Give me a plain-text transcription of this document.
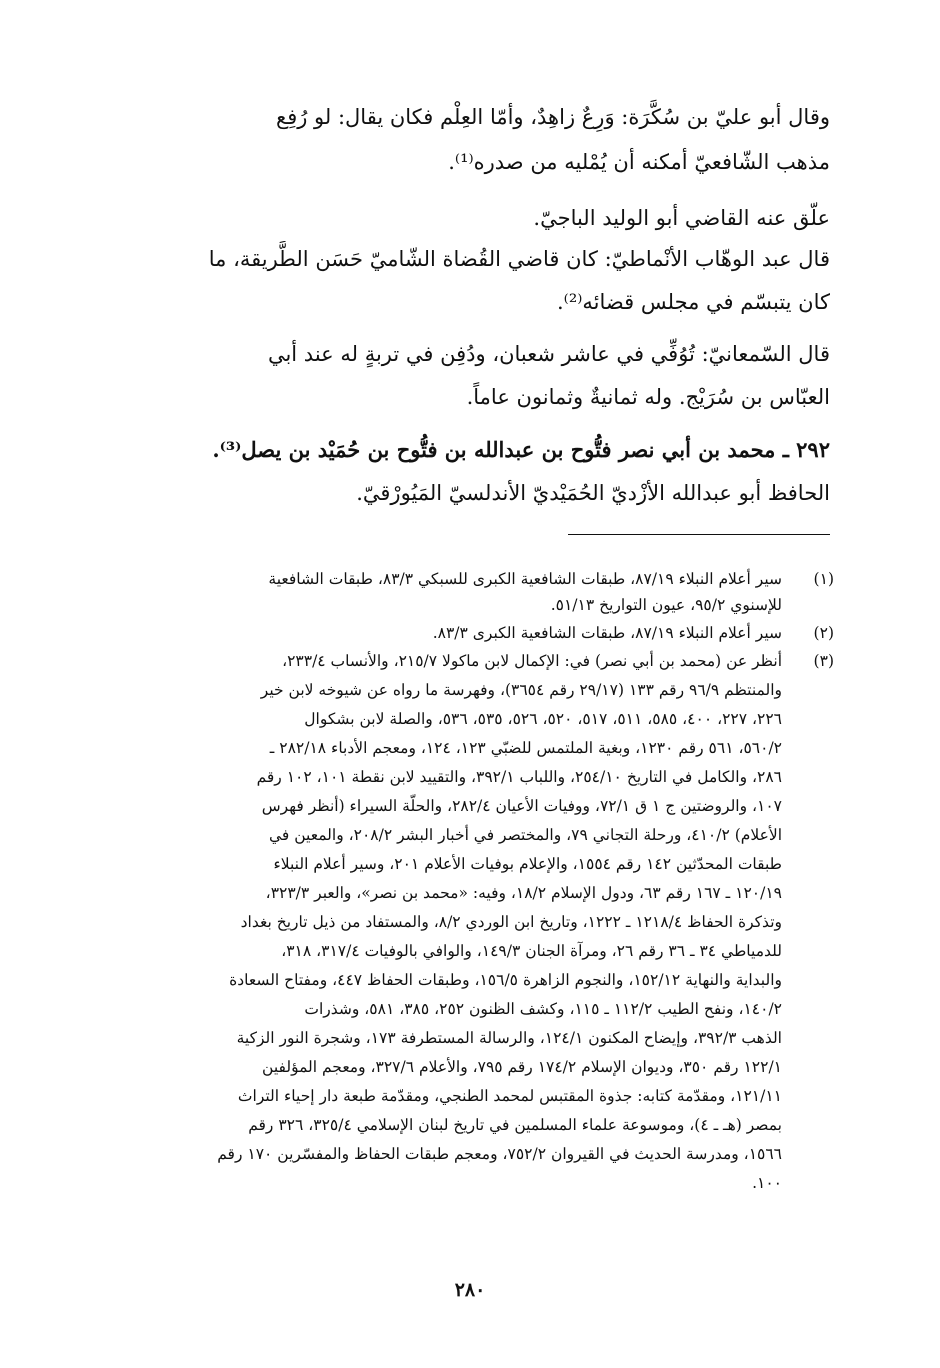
وقال أبو عليّ بن سُكَّرَة: وَرِعٌ زاهِدٌ، وأمّا العِلْم فكان يقال: لو رُفِع
مذهب الشّافعيّ أمكنه أن يُمْليه من صدره⁽¹⁾.
علّق عنه القاضي أبو الوليد الباجيّ.
قال عبد الوهّاب الأنْماطيّ: كان قاضي القُضاة الشّاميّ حَسَن الطَّريقة، ما
كان يتبسّم في مجلس قضائه⁽²⁾.
قال السّمعانيّ: تُوُفِّي في عاشر شعبان، ودُفِن في تربةٍ له عند أبي
العبّاس بن سُرَيْج. وله ثمانيةٌ وثمانون عاماً.
٢٩٢ ـ محمد بن أبي نصر فتُّوح بن عبدالله بن فتُّوح بن حُمَيْد بن يصل⁽³⁾.
الحافظ أبو عبدالله الأزْديّ الحُمَيْديّ الأندلسيّ المَيُورْقيّ.
(١)
سير أعلام النبلاء ٨٧/١٩، طبقات الشافعية الكبرى للسبكي ٨٣/٣، طبقات الشافعية
للإسنوي ٩٥/٢، عيون التواريخ ٥١/١٣.
(٢)
سير أعلام النبلاء ٨٧/١٩، طبقات الشافعية الكبرى ٨٣/٣.
(٣)
أنظر عن (محمد بن أبي نصر) في: الإكمال لابن ماكولا ٢١٥/٧، والأنساب ٢٣٣/٤،
والمنتظم ٩٦/٩ رقم ١٣٣ (٢٩/١٧ رقم ٣٦٥٤)، وفهرسة ما رواه عن شيوخه لابن خير
٢٢٦، ٢٢٧، ٤٠٠، ٥٨٥، ٥١١، ٥١٧، ٥٢٠، ٥٢٦، ٥٣٥، ٥٣٦، والصلة لابن بشكوال
٥٦٠/٢، ٥٦١ رقم ١٢٣٠، وبغية الملتمس للضبّي ١٢٣، ١٢٤، ومعجم الأدباء ٢٨٢/١٨ ـ
٢٨٦، والكامل في التاريخ ٢٥٤/١٠، واللباب ٣٩٢/١، والتقييد لابن نقطة ١٠١، ١٠٢ رقم
١٠٧، والروضتين ج ١ ق ٧٢/١، ووفيات الأعيان ٢٨٢/٤، والحلّة السيراء (أنظر فهرس
الأعلام) ٤١٠/٢، ورحلة التجاني ٧٩، والمختصر في أخبار البشر ٢٠٨/٢، والمعين في
طبقات المحدّثين ١٤٢ رقم ١٥٥٤، والإعلام بوفيات الأعلام ٢٠١، وسير أعلام النبلاء
١٢٠/١٩ ـ ١٦٧ رقم ٦٣، ودول الإسلام ١٨/٢، وفيه: «محمد بن نصر»، والعبر ٣٢٣/٣،
وتذكرة الحفاظ ١٢١٨/٤ ـ ١٢٢٢، وتاريخ ابن الوردي ٨/٢، والمستفاد من ذيل تاريخ بغداد
للدمياطي ٣٤ ـ ٣٦ رقم ٢٦، ومرآة الجنان ١٤٩/٣، والوافي بالوفيات ٣١٧/٤، ٣١٨،
والبداية والنهاية ١٥٢/١٢، والنجوم الزاهرة ١٥٦/٥، وطبقات الحفاظ ٤٤٧، ومفتاح السعادة
١٤٠/٢، ونفح الطيب ١١٢/٢ ـ ١١٥، وكشف الظنون ٢٥٢، ٣٨٥، ٥٨١، وشذرات
الذهب ٣٩٢/٣، وإيضاح المكنون ١٢٤/١، والرسالة المستطرفة ١٧٣، وشجرة النور الزكية
١٢٢/١ رقم ٣٥٠، وديوان الإسلام ١٧٤/٢ رقم ٧٩٥، والأعلام ٣٢٧/٦، ومعجم المؤلفين
١٢١/١١، ومقدّمة كتابه: جذوة المقتبس لمحمد الطنجي، ومقدّمة طبعة دار إحياء التراث
بمصر (هـ ـ ٤)، وموسوعة علماء المسلمين في تاريخ لبنان الإسلامي ٣٢٥/٤، ٣٢٦ رقم
١٥٦٦، ومدرسة الحديث في القيروان ٧٥٢/٢، ومعجم طبقات الحفاظ والمفسّرين ١٧٠ رقم
١٠٠.
٢٨٠
